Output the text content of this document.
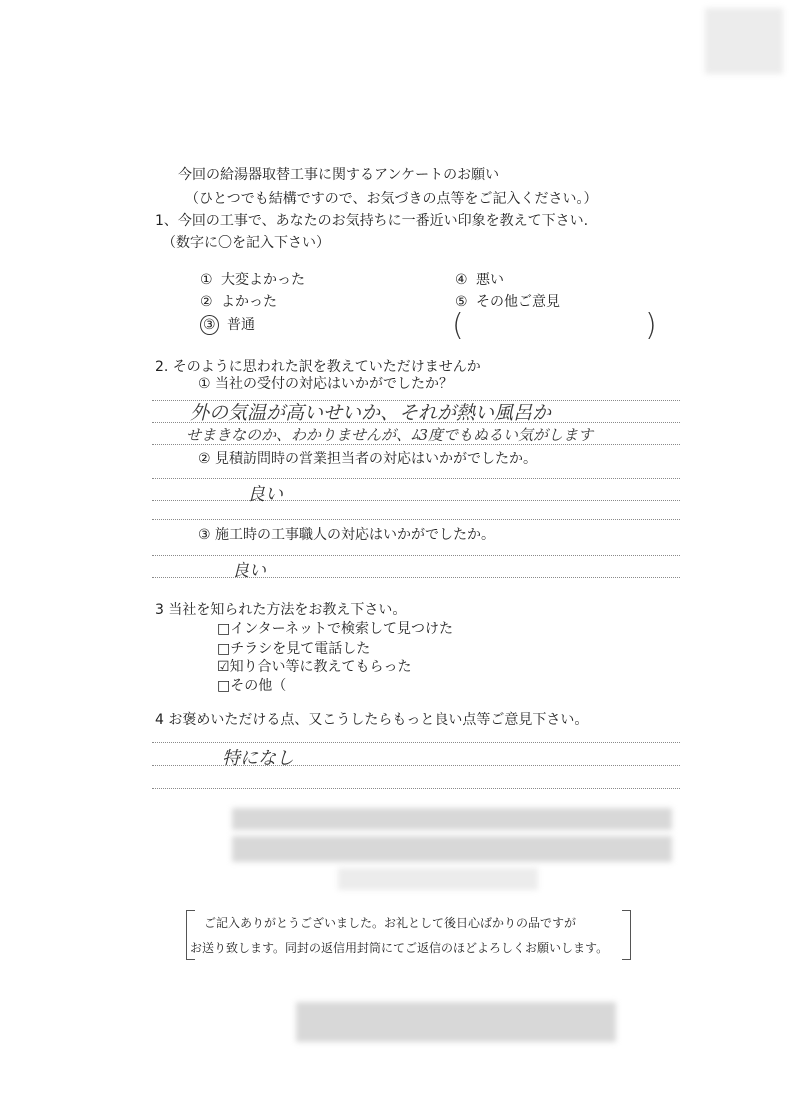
今回の給湯器取替工事に関するアンケートのお願い
（ひとつでも結構ですので、お気づきの点等をご記入ください。）
1、今回の工事で、あなたのお気持ちに一番近い印象を教えて下さい.
（数字に〇を記入下さい）
① 大変よかった
② よかった
③ 普通
④ 悪い
⑤ その他ご意見
(	)
2. そのように思われた訳を教えていただけませんか
① 当社の受付の対応はいかがでしたか？
外の気温が高いせいか、それが熱い風呂か
せまきなのか、わかりませんが、ﾑ3度でもぬるい気がします
② 見積訪問時の営業担当者の対応はいかがでしたか。
良い
③ 施工時の工事職人の対応はいかがでしたか。
良い
3 当社を知られた方法をお教え下さい。
□インターネットで検索して見つけた
□チラシを見て電話した
☑知り合い等に教えてもらった
□その他（
4 お褒めいただける点、又こうしたらもっと良い点等ご意見下さい。
特になし
ご記入ありがとうございました。お礼として後日心ばかりの品ですが
お送り致します。同封の返信用封筒にてご返信のほどよろしくお願いします。
